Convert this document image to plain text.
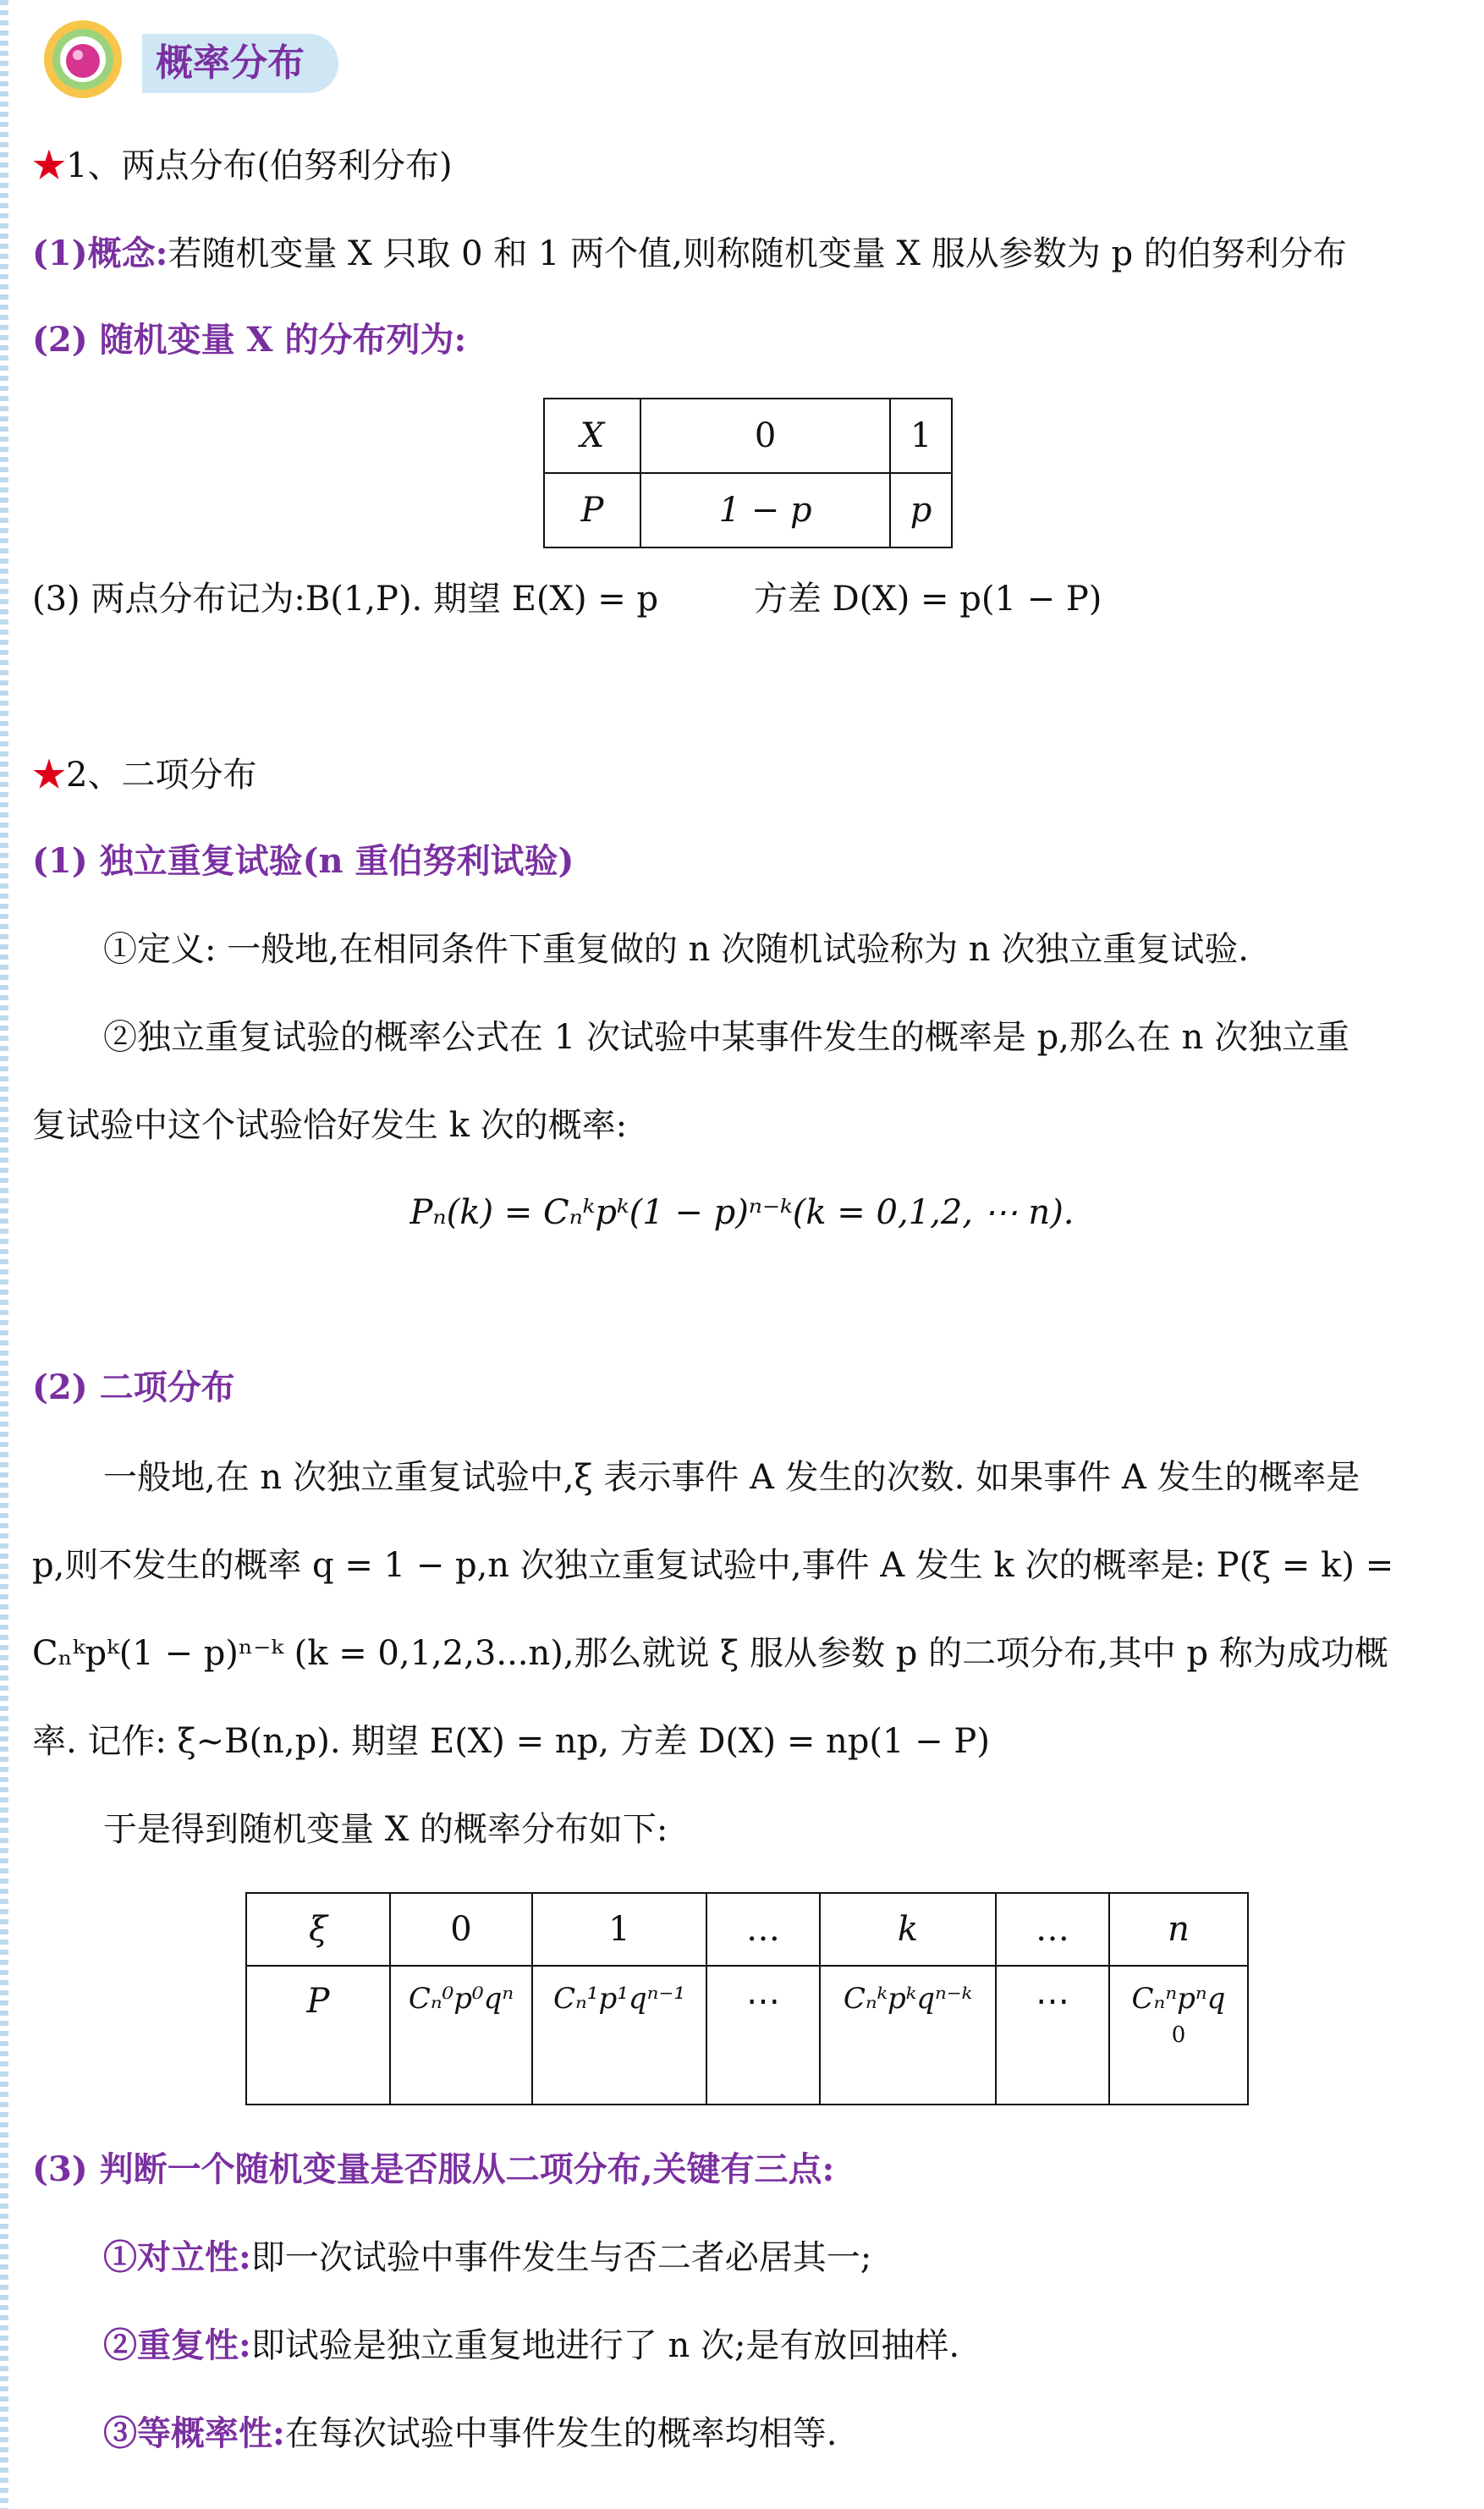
概率分布
★1、两点分布(伯努利分布)
(1)概念:若随机变量 X 只取 0 和 1 两个值,则称随机变量 X 服从参数为 p 的伯努利分布
(2) 随机变量 X 的分布列为:
X	0	1
P	1 − p	p
(3) 两点分布记为:B(1,P). 期望 E(X) = p	方差 D(X) = p(1 − P)
★2、二项分布
(1) 独立重复试验(n 重伯努利试验)
①定义: 一般地,在相同条件下重复做的 n 次随机试验称为 n 次独立重复试验.
②独立重复试验的概率公式在 1 次试验中某事件发生的概率是 p,那么在 n 次独立重
复试验中这个试验恰好发生 k 次的概率:
Pₙ(k) = Cₙᵏpᵏ(1 − p)ⁿ⁻ᵏ(k = 0,1,2, ⋯ n).
(2) 二项分布
一般地,在 n 次独立重复试验中,ξ 表示事件 A 发生的次数. 如果事件 A 发生的概率是
p,则不发生的概率 q = 1 − p,n 次独立重复试验中,事件 A 发生 k 次的概率是: P(ξ = k) =
Cₙᵏpᵏ(1 − p)ⁿ⁻ᵏ (k = 0,1,2,3...n),那么就说 ξ 服从参数 p 的二项分布,其中 p 称为成功概
率. 记作: ξ~B(n,p). 期望 E(X) = np, 方差 D(X) = np(1 − P)
于是得到随机变量 X 的概率分布如下:
ξ	0	1	…	k	…	n
P	Cₙ⁰p⁰qⁿ	Cₙ¹p¹qⁿ⁻¹	⋯	Cₙᵏpᵏqⁿ⁻ᵏ	⋯	Cₙⁿpⁿq
0
(3) 判断一个随机变量是否服从二项分布,关键有三点:
①对立性:即一次试验中事件发生与否二者必居其一;
②重复性:即试验是独立重复地进行了 n 次;是有放回抽样.
③等概率性:在每次试验中事件发生的概率均相等.
